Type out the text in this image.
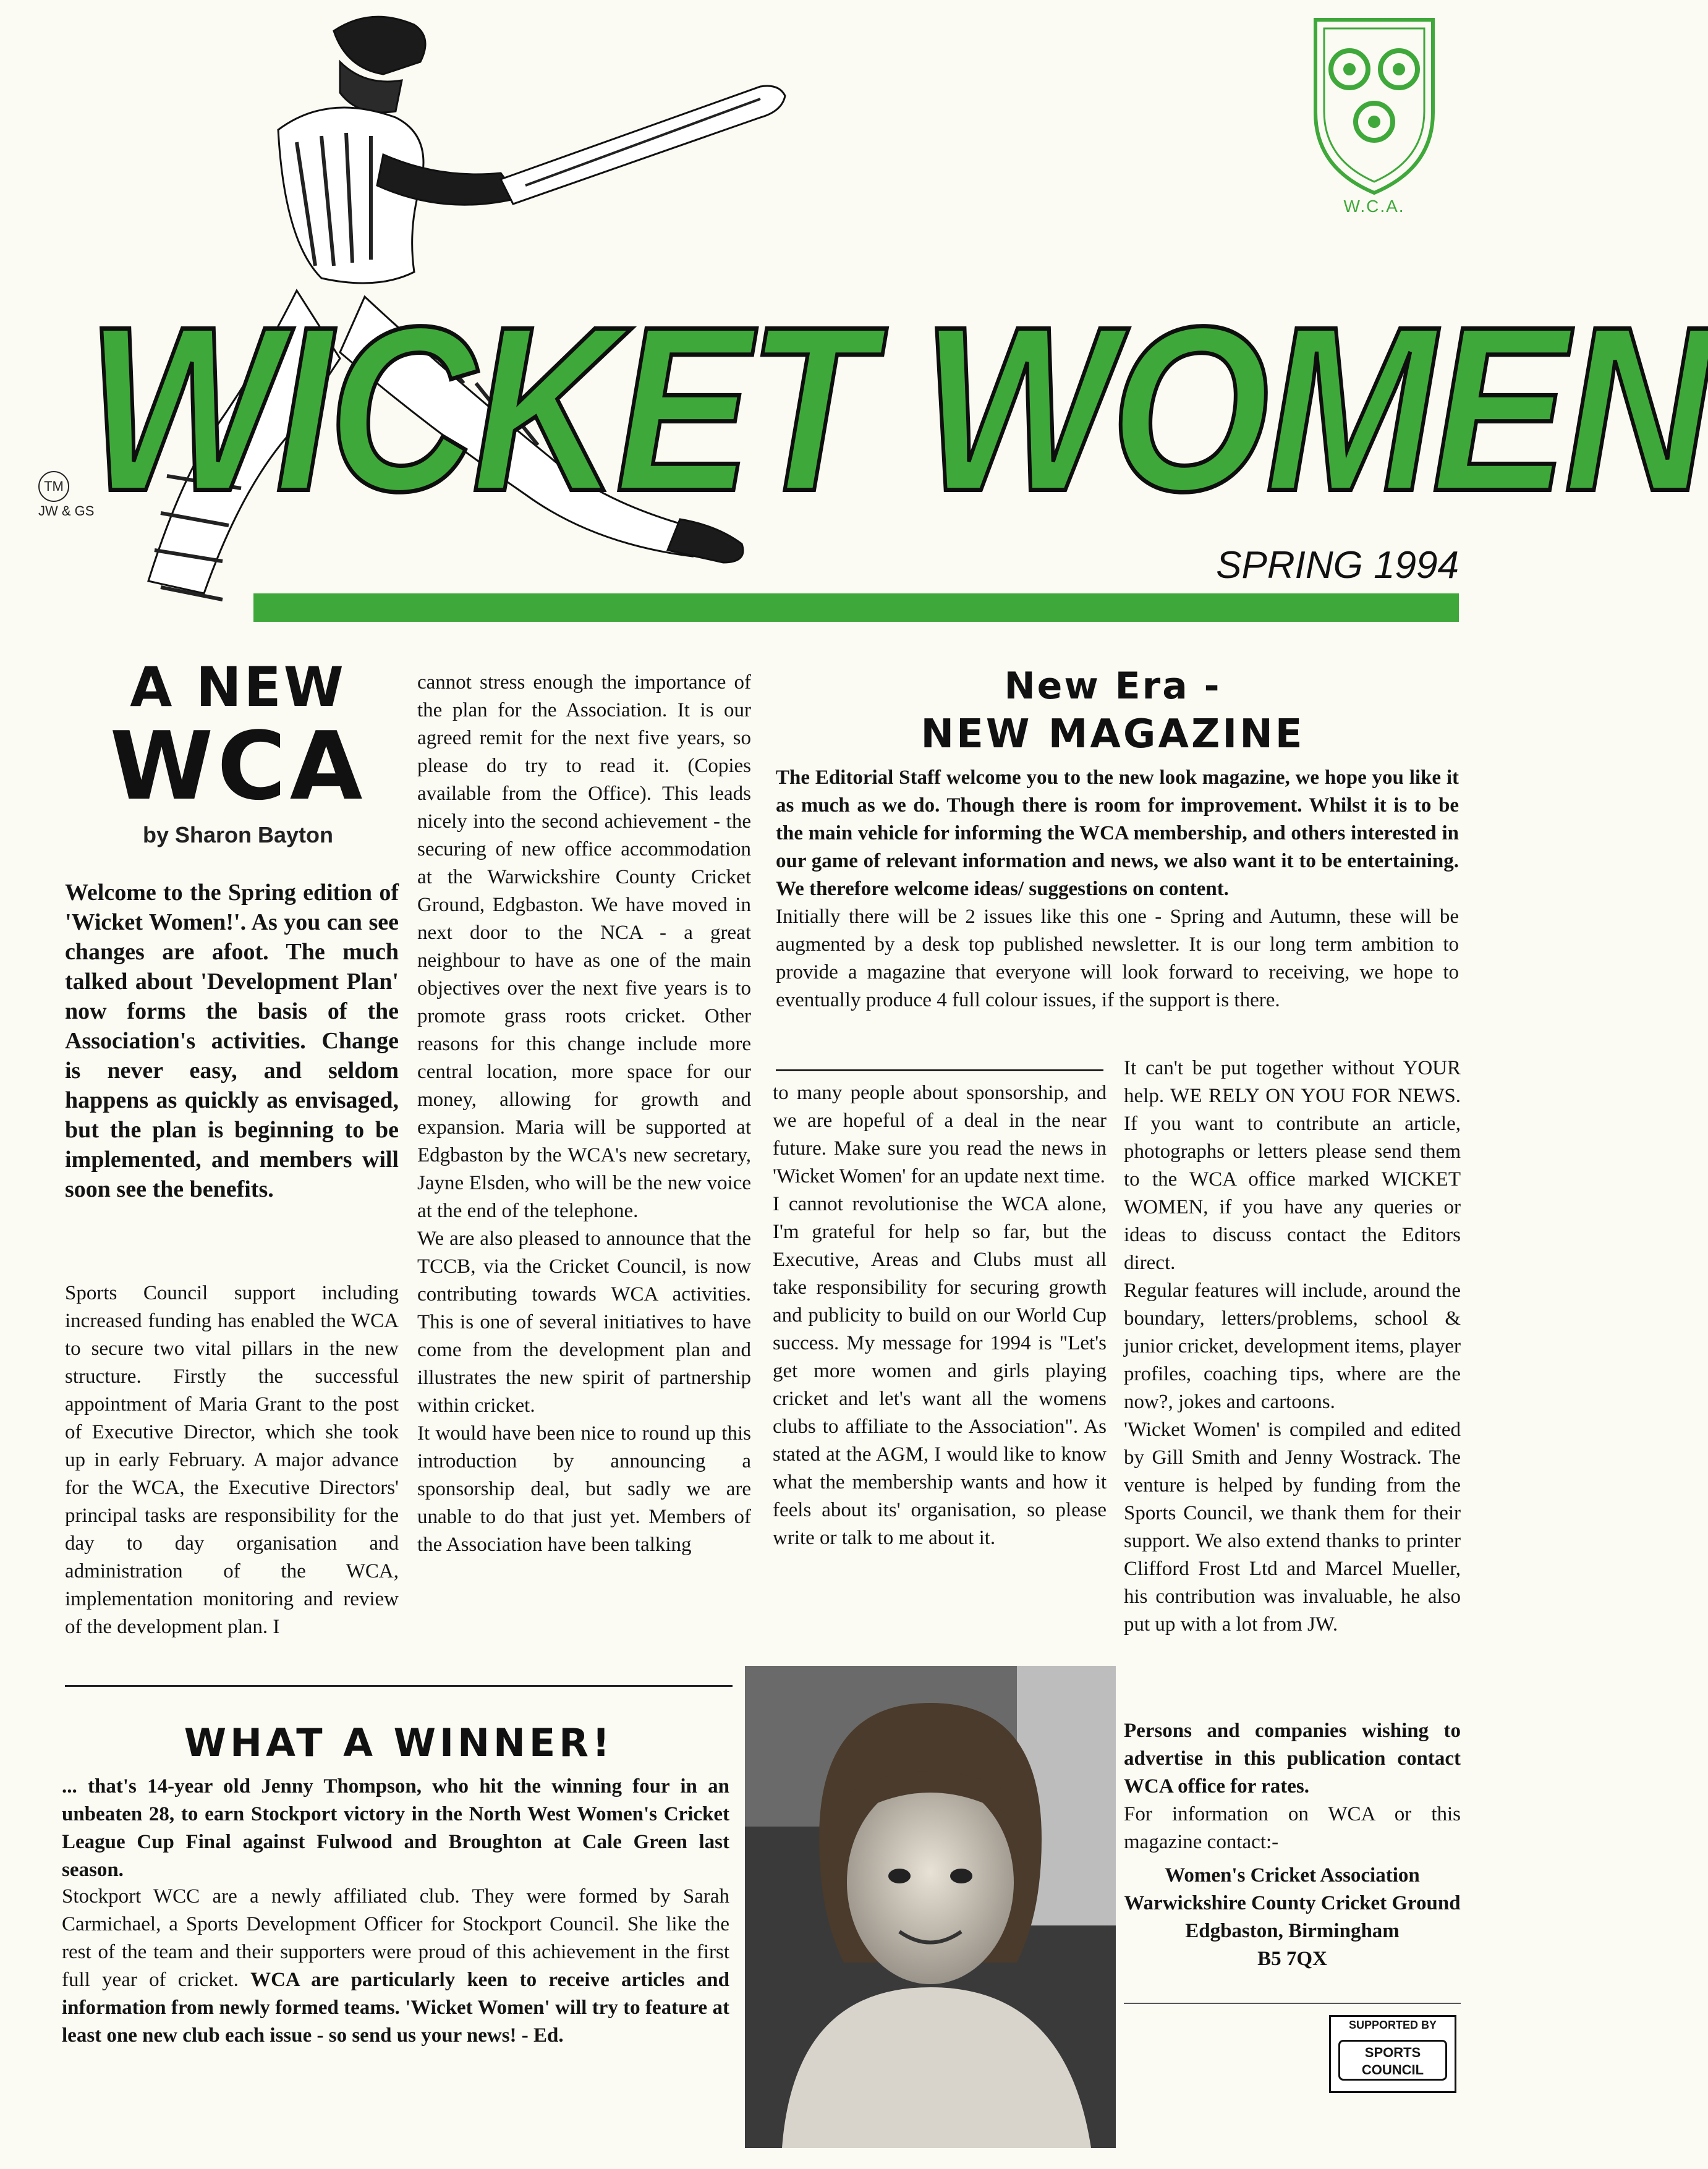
TM
JW & GS
WICKET WOMEN
W.C.A.
SPRING 1994
A NEW
WCA
by Sharon Bayton
Welcome to the Spring edition of 'Wicket Women!'. As you can see changes are afoot. The much talked about 'Development Plan' now forms the basis of the Association's activities. Change is never easy, and seldom happens as quickly as envisaged, but the plan is beginning to be implemented, and members will soon see the benefits.

Sports Council support including increased funding has enabled the WCA to secure two vital pillars in the new structure. Firstly the successful appointment of Maria Grant to the post of Executive Director, which she took up in early February. A major advance for the WCA, the Executive Directors' principal tasks are responsibility for the day to day organisation and administration of the WCA, implementation monitoring and review of the development plan. I

cannot stress enough the importance of the plan for the Association. It is our agreed remit for the next five years, so please do try to read it. (Copies available from the Office). This leads nicely into the second achievement - the securing of new office accommodation at the Warwickshire County Cricket Ground, Edgbaston. We have moved in next door to the NCA - a great neighbour to have as one of the main objectives over the next five years is to promote grass roots cricket. Other reasons for this change include more central location, more space for our money, allowing for growth and expansion. Maria will be supported at Edgbaston by the WCA's new secretary, Jayne Elsden, who will be the new voice at the end of the telephone.

We are also pleased to announce that the TCCB, via the Cricket Council, is now contributing towards WCA activities. This is one of several initiatives to have come from the development plan and illustrates the new spirit of partnership within cricket.

It would have been nice to round up this introduction by announcing a sponsorship deal, but sadly we are unable to do that just yet. Members of the Association have been talking

New Era -
NEW MAGAZINE

The Editorial Staff welcome you to the new look magazine, we hope you like it as much as we do. Though there is room for improvement. Whilst it is to be the main vehicle for informing the WCA membership, and others interested in our game of relevant information and news, we also want it to be entertaining. We therefore welcome ideas/ suggestions on content.

Initially there will be 2 issues like this one - Spring and Autumn, these will be augmented by a desk top published newsletter. It is our long term ambition to provide a magazine that everyone will look forward to receiving, we hope to eventually produce 4 full colour issues, if the support is there.

to many people about sponsorship, and we are hopeful of a deal in the near future. Make sure you read the news in 'Wicket Women' for an update next time.

I cannot revolutionise the WCA alone, I'm grateful for help so far, but the Executive, Areas and Clubs must all take responsibility for securing growth and publicity to build on our World Cup success. My message for 1994 is "Let's get more women and girls playing cricket and let's want all the womens clubs to affiliate to the Association". As stated at the AGM, I would like to know what the membership wants and how it feels about its' organisation, so please write or talk to me about it.

It can't be put together without YOUR help. WE RELY ON YOU FOR NEWS. If you want to contribute an article, photographs or letters please send them to the WCA office marked WICKET WOMEN, if you have any queries or ideas to discuss contact the Editors direct.

Regular features will include, around the boundary, letters/problems, school & junior cricket, development items, player profiles, coaching tips, where are the now?, jokes and cartoons.

'Wicket Women' is compiled and edited by Gill Smith and Jenny Wostrack. The venture is helped by funding from the Sports Council, we thank them for their support. We also extend thanks to printer Clifford Frost Ltd and Marcel Mueller, his contribution was invaluable, he also put up with a lot from JW.

WHAT A WINNER!
... that's 14-year old Jenny Thompson, who hit the winning four in an unbeaten 28, to earn Stockport victory in the North West Women's Cricket League Cup Final against Fulwood and Broughton at Cale Green last season.
Stockport WCC are a newly affiliated club. They were formed by Sarah Carmichael, a Sports Development Officer for Stockport Council. She like the rest of the team and their supporters were proud of this achievement in the first full year of cricket. WCA are particularly keen to receive articles and information from newly formed teams. 'Wicket Women' will try to feature at least one new club each issue - so send us your news! - Ed.

Persons and companies wishing to advertise in this publication contact WCA office for rates.

For information on WCA or this magazine contact:-

Women's Cricket Association
Warwickshire County Cricket Ground
Edgbaston, Birmingham
B5 7QX
SUPPORTED BY
SPORTS
COUNCIL
